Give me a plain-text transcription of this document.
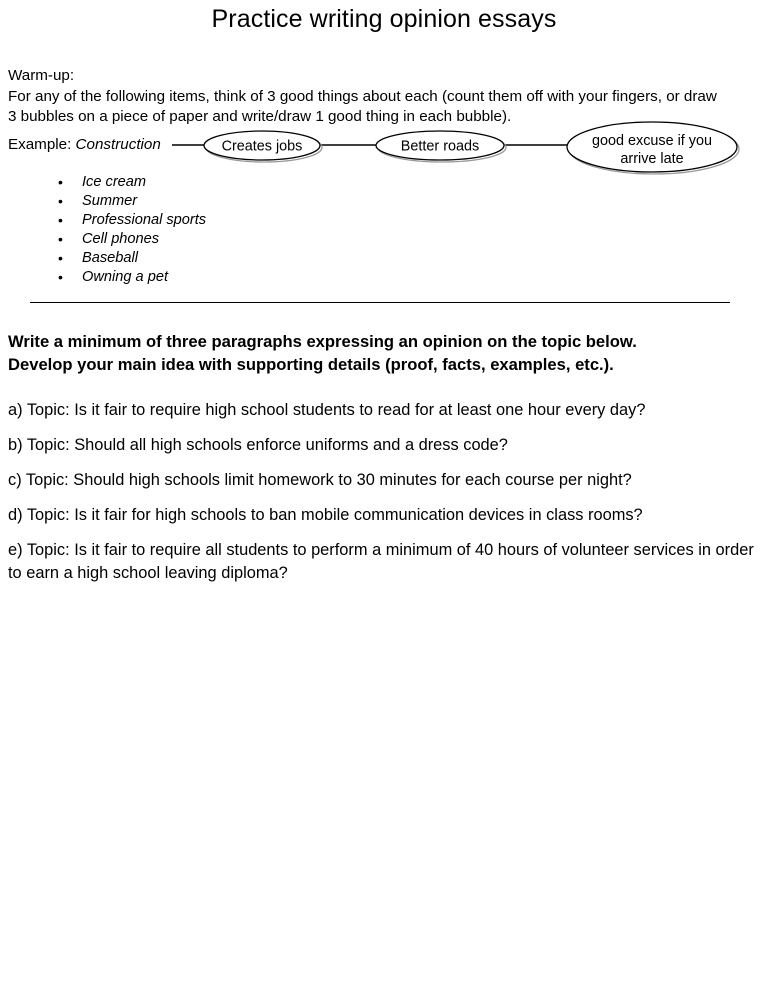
Practice writing opinion essays
Warm-up:
For any of the following items, think of 3 good things about each (count them off with your fingers, or draw
3 bubbles on a piece of paper and write/draw 1 good thing in each bubble).
Example: Construction	Creates jobs	Better roads	good excuse if you
arrive late
• Ice cream
• Summer
• Professional sports
• Cell phones
• Baseball
• Owning a pet
Write a minimum of three paragraphs expressing an opinion on the topic below.
Develop your main idea with supporting details (proof, facts, examples, etc.).
a) Topic: Is it fair to require high school students to read for at least one hour every day?
b) Topic: Should all high schools enforce uniforms and a dress code?
c) Topic: Should high schools limit homework to 30 minutes for each course per night?
d) Topic: Is it fair for high schools to ban mobile communication devices in class rooms?
e) Topic: Is it fair to require all students to perform a minimum of 40 hours of volunteer services in order to earn a high school leaving diploma?
